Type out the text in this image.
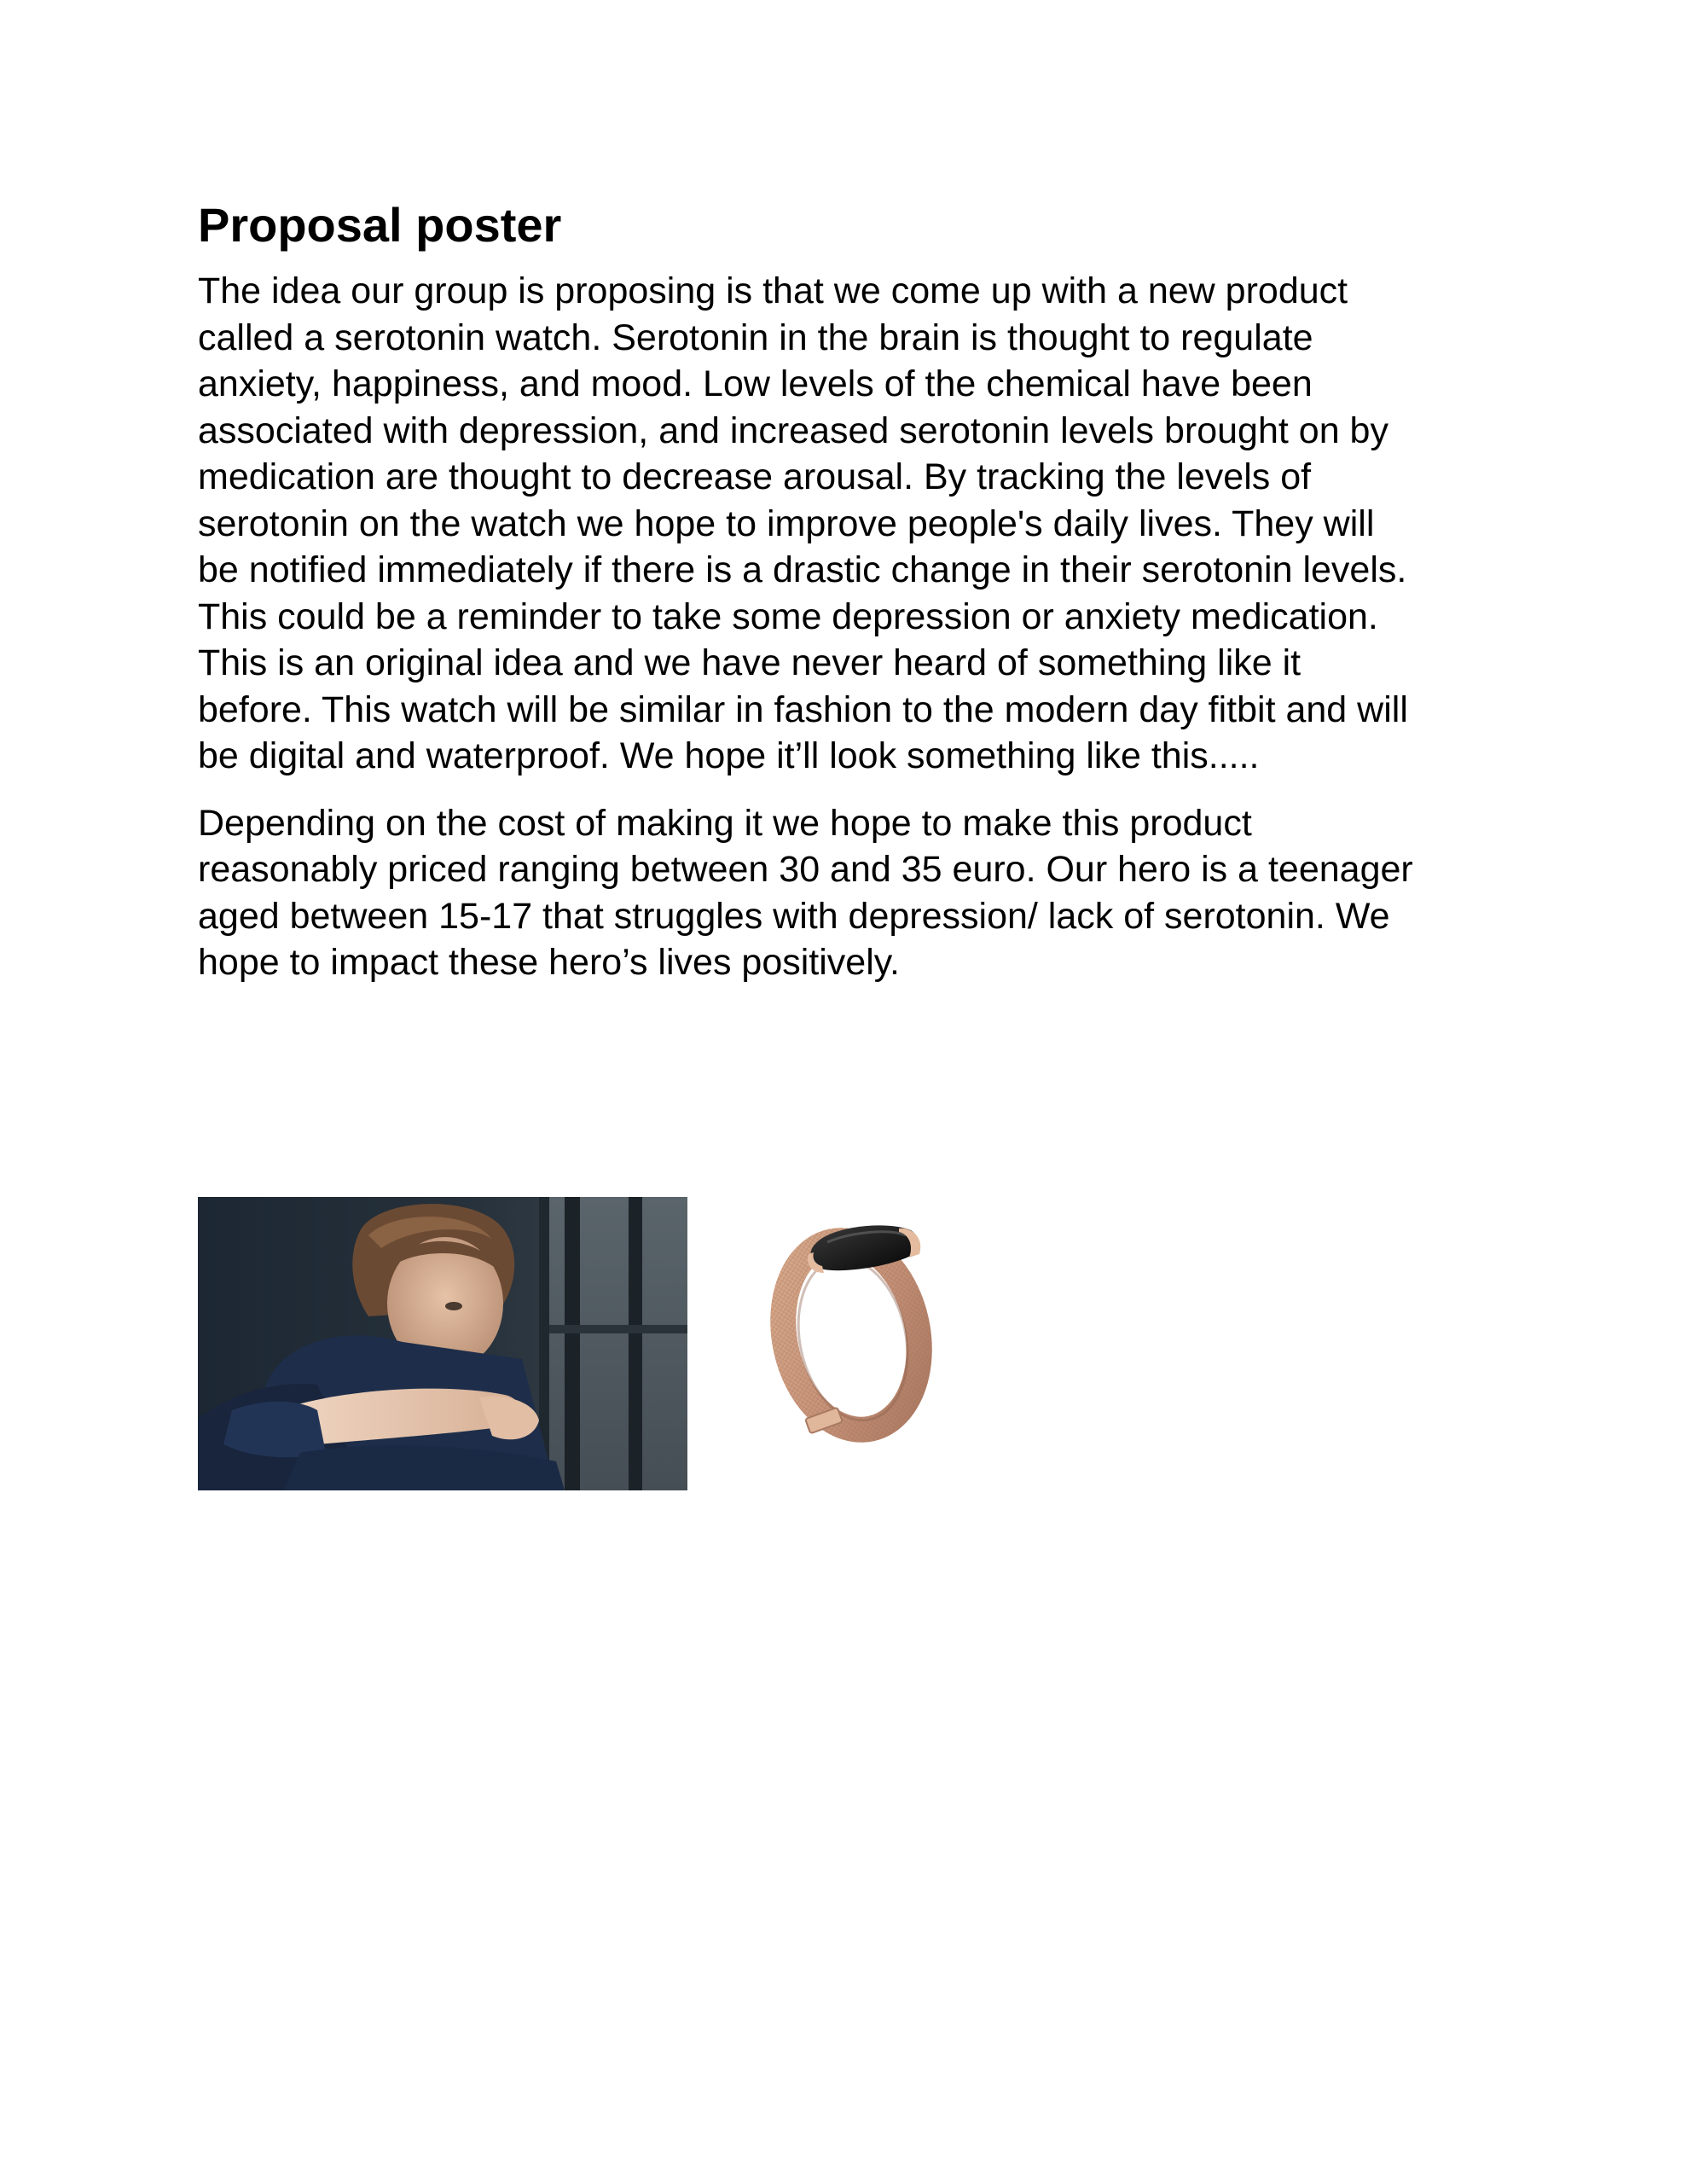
Proposal poster

The idea our group is proposing is that we come up with a new product
called a serotonin watch. Serotonin in the brain is thought to regulate
anxiety, happiness, and mood. Low levels of the chemical have been
associated with depression, and increased serotonin levels brought on by
medication are thought to decrease arousal. By tracking the levels of
serotonin on the watch we hope to improve people's daily lives. They will
be notified immediately if there is a drastic change in their serotonin levels.
This could be a reminder to take some depression or anxiety medication.
This is an original idea and we have never heard of something like it
before. This watch will be similar in fashion to the modern day fitbit and will
be digital and waterproof. We hope it’ll look something like this.....

Depending on the cost of making it we hope to make this product
reasonably priced ranging between 30 and 35 euro. Our hero is a teenager
aged between 15-17 that struggles with depression/ lack of serotonin. We
hope to impact these hero’s lives positively.
